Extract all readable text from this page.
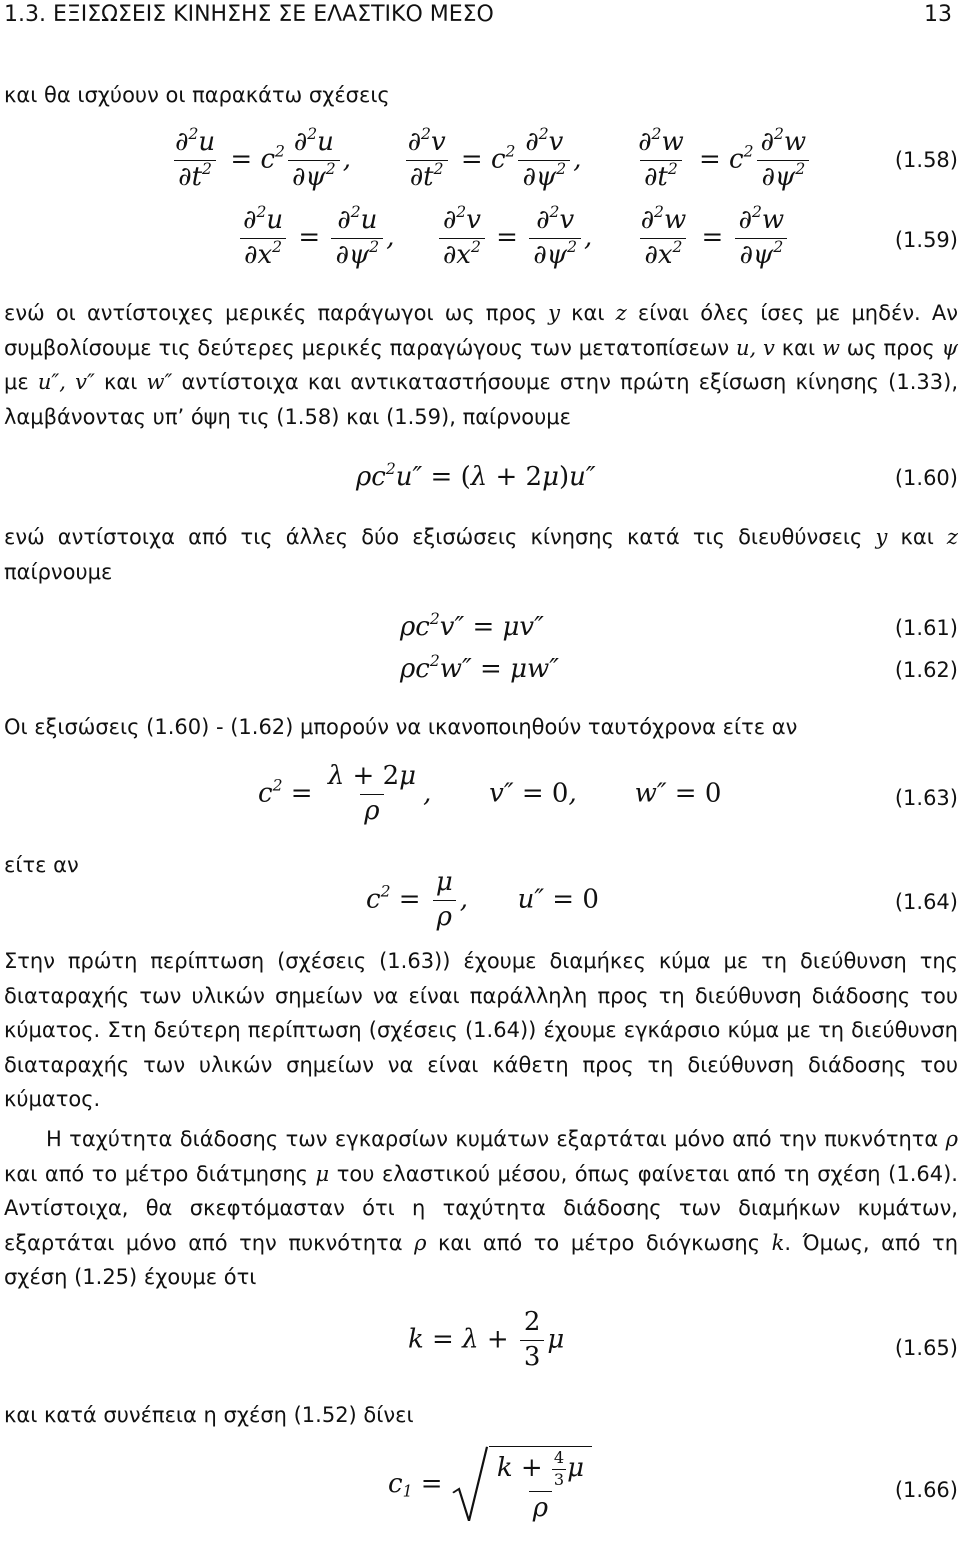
1.3. ΕΞΙΣΩΣΕΙΣ ΚΙΝΗΣΗΣ ΣΕ ΕΛΑΣΤΙΚΟ ΜΕΣΟ	13

και θα ισχύουν οι παρακάτω σχέσεις

$\frac{\partial^2u}{\partial t^2} = c^2 \frac{\partial^2u}{\partial\psi^2}$ , $\frac{\partial^2v}{\partial t^2} = c^2 \frac{\partial^2v}{\partial\psi^2}$ , $\frac{\partial^2w}{\partial t^2} = c^2 \frac{\partial^2w}{\partial\psi^2}$	(1.58)
$\frac{\partial^2u}{\partial x^2} = \frac{\partial^2u}{\partial\psi^2}$ , $\frac{\partial^2v}{\partial x^2} = \frac{\partial^2v}{\partial\psi^2}$ , $\frac{\partial^2w}{\partial x^2} = \frac{\partial^2w}{\partial\psi^2}$	(1.59)

ενώ οι αντίστοιχες μερικές παράγωγοι ως προς y και z είναι όλες ίσες με μηδέν. Αν συμβολίσουμε τις δεύτερες μερικές παραγώγους των μετατοπίσεων u, v και w ως προς ψ με u″, v″ και w″ αντίστοιχα και αντικαταστήσουμε στην πρώτη εξίσωση κίνησης (1.33), λαμβάνοντας υπ’ όψη τις (1.58) και (1.59), παίρνουμε

$\rho c^2u'' = (\lambda + 2\mu)u''$	(1.60)

ενώ αντίστοιχα από τις άλλες δύο εξισώσεις κίνησης κατά τις διευθύνσεις y και z παίρνουμε

$\rho c^2v'' = \mu v''$	(1.61)
$\rho c^2w'' = \mu w''$	(1.62)

Οι εξισώσεις (1.60) - (1.62) μπορούν να ικανοποιηθούν ταυτόχρονα είτε αν

$c^2 = \frac{\lambda + 2\mu}{\rho}$ ,       v″ = 0,       w″ = 0	(1.63)

είτε αν

$c^2 = \frac{\mu}{\rho}$ ,      u″ = 0	(1.64)

Στην πρώτη περίπτωση (σχέσεις (1.63)) έχουμε διαμήκες κύμα με τη διεύθυνση της διαταραχής των υλικών σημείων να είναι παράλληλη προς τη διεύθυνση διάδοσης του κύματος. Στη δεύτερη περίπτωση (σχέσεις (1.64)) έχουμε εγκάρσιο κύμα με τη διεύθυνση διαταραχής των υλικών σημείων να είναι κάθετη προς τη διεύθυνση διάδοσης του κύματος.

Η ταχύτητα διάδοσης των εγκαρσίων κυμάτων εξαρτάται μόνο από την πυκνότητα ρ και από το μέτρο διάτμησης μ του ελαστικού μέσου, όπως φαίνεται από τη σχέση (1.64). Αντίστοιχα, θα σκεφτόμασταν ότι η ταχύτητα διάδοσης των διαμήκων κυμάτων, εξαρτάται μόνο από την πυκνότητα ρ και από το μέτρο διόγκωσης k. Όμως, από τη σχέση (1.25) έχουμε ότι

$k = \lambda + \frac{2}{3}$ μ	(1.65)

και κατά συνέπεια η σχέση (1.52) δίνει

$c_1 = \frac{k + \frac{4}{3} \mu}{\rho}$	(1.66)
